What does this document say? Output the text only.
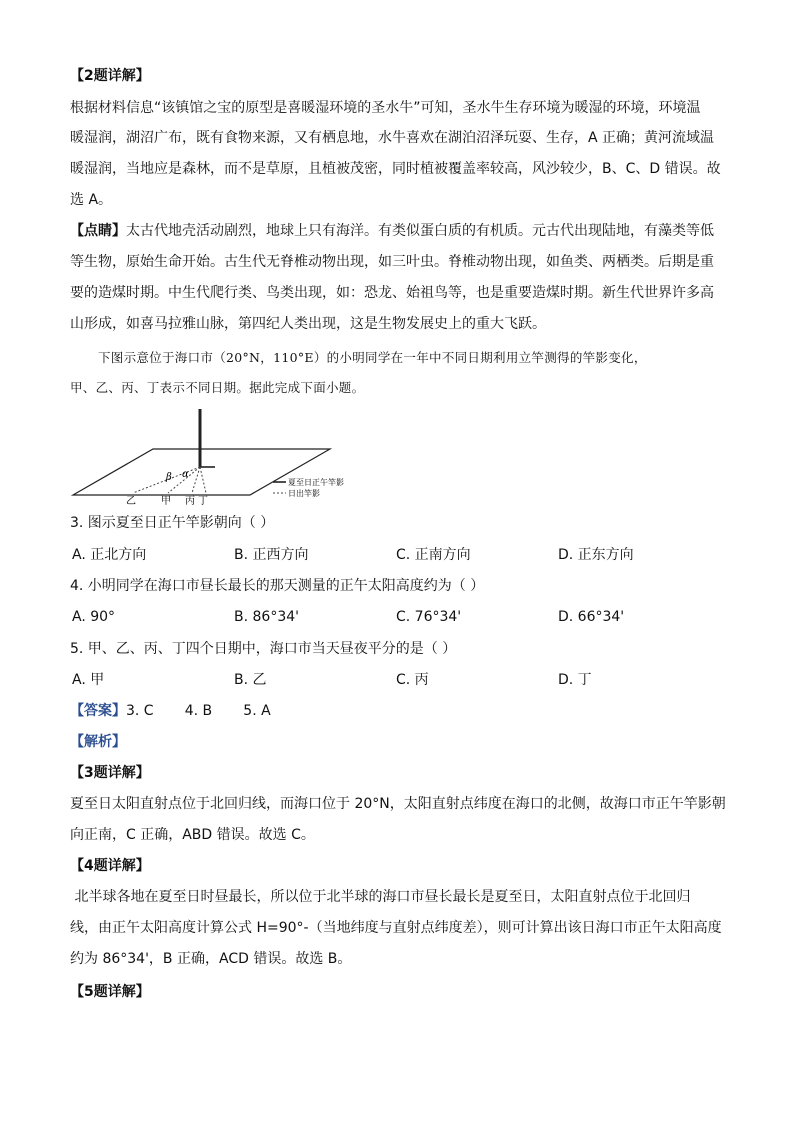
【2题详解】
根据材料信息“该镇馆之宝的原型是喜暖湿环境的圣水牛”可知，圣水牛生存环境为暖湿的环境，环境温
暖湿润，湖沼广布，既有食物来源，又有栖息地，水牛喜欢在湖泊沼泽玩耍、生存，A 正确；黄河流域温
暖湿润，当地应是森林，而不是草原，且植被茂密，同时植被覆盖率较高，风沙较少，B、C、D 错误。故
选 A。
【点睛】太古代地壳活动剧烈，地球上只有海洋。有类似蛋白质的有机质。元古代出现陆地，有藻类等低
等生物，原始生命开始。古生代无脊椎动物出现，如三叶虫。脊椎动物出现，如鱼类、两栖类。后期是重
要的造煤时期。中生代爬行类、鸟类出现，如：恐龙、始祖鸟等，也是重要造煤时期。新生代世界许多高
山形成，如喜马拉雅山脉，第四纪人类出现，这是生物发展史上的重大飞跃。
下图示意位于海口市（20°N，110°E）的小明同学在一年中不同日期利用立竿测得的竿影变化，
甲、乙、丙、丁表示不同日期。据此完成下面小题。
β α
乙	甲 丙 丁
夏至日正午竿影
日出竿影
3. 图示夏至日正午竿影朝向（ ）
A. 正北方向	B. 正西方向	C. 正南方向	D. 正东方向
4. 小明同学在海口市昼长最长的那天测量的正午太阳高度约为（ ）
A. 90°	B. 86°34'	C. 76°34'	D. 66°34'
5. 甲、乙、丙、丁四个日期中，海口市当天昼夜平分的是（ ）
A. 甲	B. 乙	C. 丙	D. 丁
【答案】3. C       4. B       5. A
【解析】
【3题详解】
夏至日太阳直射点位于北回归线，而海口位于 20°N，太阳直射点纬度在海口的北侧，故海口市正午竿影朝
向正南，C 正确，ABD 错误。故选 C。
【4题详解】
北半球各地在夏至日时昼最长，所以位于北半球的海口市昼长最长是夏至日，太阳直射点位于北回归
线，由正午太阳高度计算公式 H=90°-（当地纬度与直射点纬度差），则可计算出该日海口市正午太阳高度
约为 86°34'，B 正确，ACD 错误。故选 B。
【5题详解】
